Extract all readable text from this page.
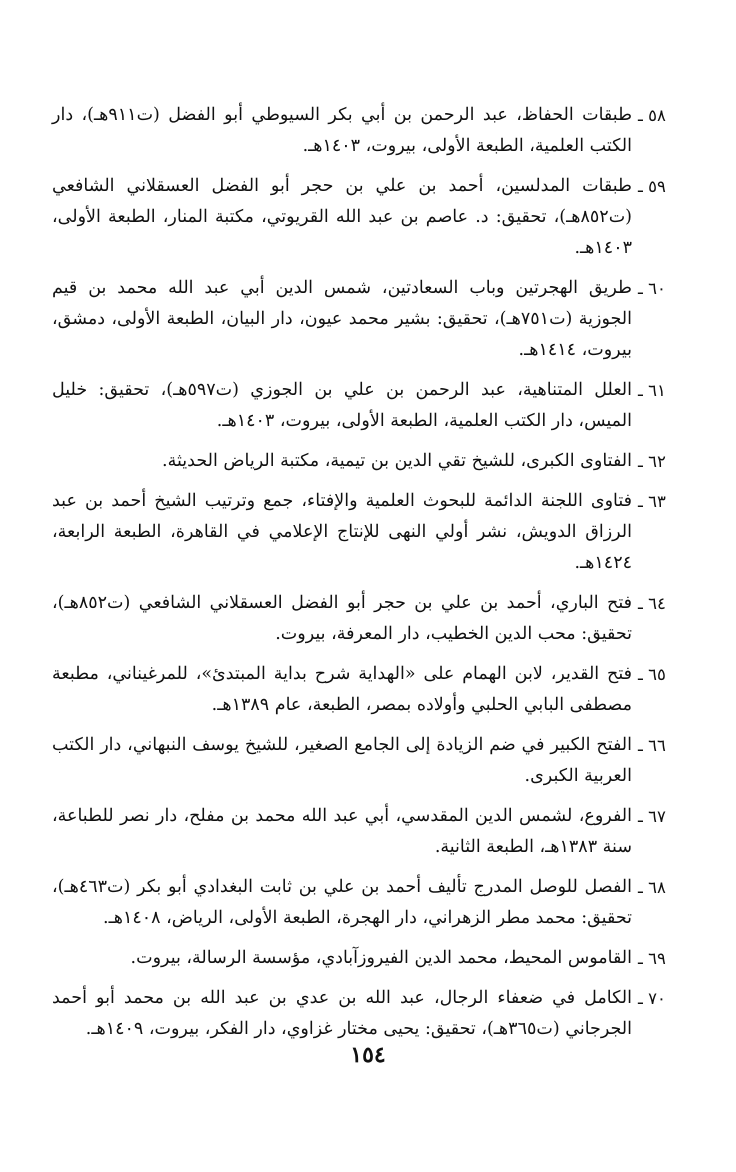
٥٨ ـ
طبقات الحفاظ، عبد الرحمن بن أبي بكر السيوطي أبو الفضل (ت٩١١هـ)، دار الكتب العلمية، الطبعة الأولى، بيروت، ١٤٠٣هـ.
٥٩ ـ
طبقات المدلسين، أحمد بن علي بن حجر أبو الفضل العسقلاني الشافعي (ت٨٥٢هـ)، تحقيق: د. عاصم بن عبد الله القريوتي، مكتبة المنار، الطبعة الأولى، ١٤٠٣هـ.
٦٠ ـ
طريق الهجرتين وباب السعادتين، شمس الدين أبي عبد الله محمد بن قيم الجوزية (ت٧٥١هـ)، تحقيق: بشير محمد عيون، دار البيان، الطبعة الأولى، دمشق، بيروت، ١٤١٤هـ.
٦١ ـ
العلل المتناهية، عبد الرحمن بن علي بن الجوزي (ت٥٩٧هـ)، تحقيق: خليل الميس، دار الكتب العلمية، الطبعة الأولى، بيروت، ١٤٠٣هـ.
٦٢ ـ
الفتاوى الكبرى، للشيخ تقي الدين بن تيمية، مكتبة الرياض الحديثة.
٦٣ ـ
فتاوى اللجنة الدائمة للبحوث العلمية والإفتاء، جمع وترتيب الشيخ أحمد بن عبد الرزاق الدويش، نشر أولي النهى للإنتاج الإعلامي في القاهرة، الطبعة الرابعة، ١٤٢٤هـ.
٦٤ ـ
فتح الباري، أحمد بن علي بن حجر أبو الفضل العسقلاني الشافعي (ت٨٥٢هـ)، تحقيق: محب الدين الخطيب، دار المعرفة، بيروت.
٦٥ ـ
فتح القدير، لابن الهمام على «الهداية شرح بداية المبتدئ»، للمرغيناني، مطبعة مصطفى البابي الحلبي وأولاده بمصر، الطبعة، عام ١٣٨٩هـ.
٦٦ ـ
الفتح الكبير في ضم الزيادة إلى الجامع الصغير، للشيخ يوسف النبهاني، دار الكتب العربية الكبرى.
٦٧ ـ
الفروع، لشمس الدين المقدسي، أبي عبد الله محمد بن مفلح، دار نصر للطباعة، سنة ١٣٨٣هـ، الطبعة الثانية.
٦٨ ـ
الفصل للوصل المدرج تأليف أحمد بن علي بن ثابت البغدادي أبو بكر (ت٤٦٣هـ)، تحقيق: محمد مطر الزهراني، دار الهجرة، الطبعة الأولى، الرياض، ١٤٠٨هـ.
٦٩ ـ
القاموس المحيط، محمد الدين الفيروزآبادي، مؤسسة الرسالة، بيروت.
٧٠ ـ
الكامل في ضعفاء الرجال، عبد الله بن عدي بن عبد الله بن محمد أبو أحمد الجرجاني (ت٣٦٥هـ)، تحقيق: يحيى مختار غزاوي، دار الفكر، بيروت، ١٤٠٩هـ.
١٥٤
